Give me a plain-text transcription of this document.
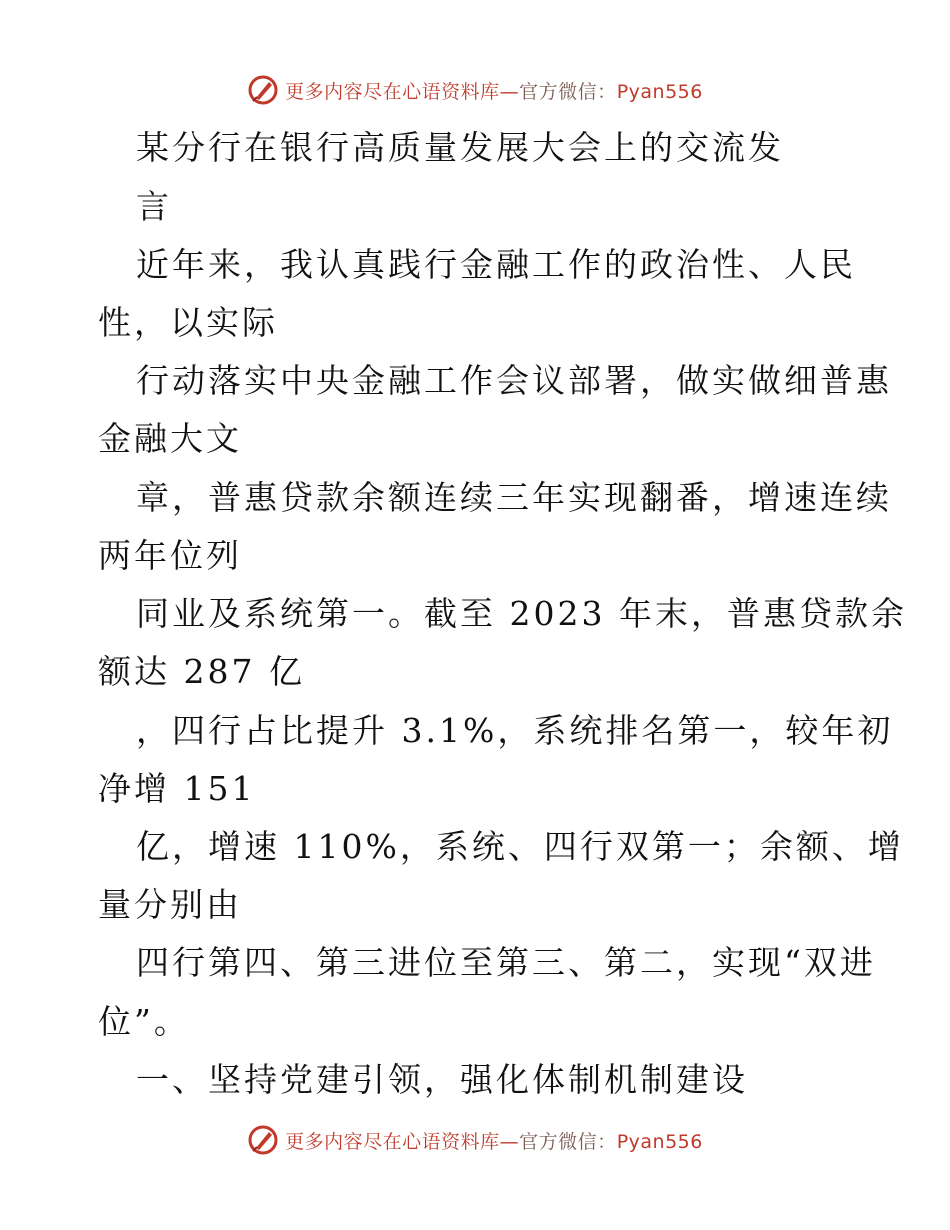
更多内容尽在心语资料库—官方微信：Pyan556
某分行在银行高质量发展大会上的交流发
言
近年来，我认真践行金融工作的政治性、人民
性，以实际
行动落实中央金融工作会议部署，做实做细普惠
金融大文
章，普惠贷款余额连续三年实现翻番，增速连续
两年位列
同业及系统第一。截至 2023 年末，普惠贷款余
额达 287 亿
，四行占比提升 3.1%，系统排名第一，较年初
净增 151
亿，增速 110%，系统、四行双第一；余额、增
量分别由
四行第四、第三进位至第三、第二，实现“双进
位”。
一、坚持党建引领，强化体制机制建设
更多内容尽在心语资料库—官方微信：Pyan556
